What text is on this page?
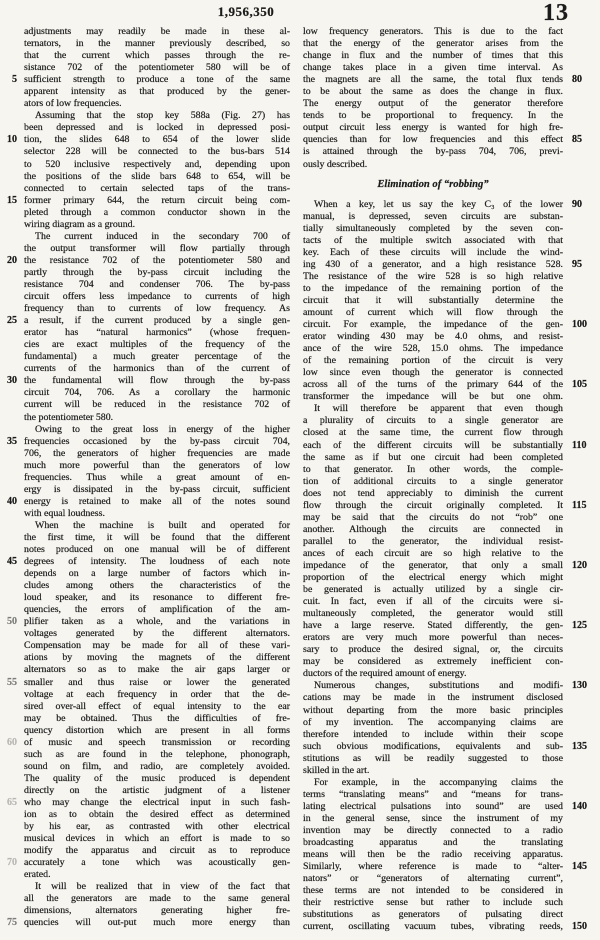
1,956,350	13
adjustments may readily be made in these al-
ternators, in the manner previously described, so
that the current which passes through the re-
sistance 702 of the potentiometer 580 will be of
5 sufficient strength to produce a tone of the same
apparent intensity as that produced by the gener-
ators of low frequencies.
Assuming that the stop key 588a (Fig. 27) has
been depressed and is locked in depressed posi-
10 tion, the slides 648 to 654 of the lower slide
selector 228 will be connected to the bus-bars 514
to 520 inclusive respectively and, depending upon
the positions of the slide bars 648 to 654, will be
connected to certain selected taps of the trans-
15 former primary 644, the return circuit being com-
pleted through a common conductor shown in the
wiring diagram as a ground.
The current induced in the secondary 700 of
the output transformer will flow partially through
20 the resistance 702 of the potentiometer 580 and
partly through the by-pass circuit including the
resistance 704 and condenser 706. The by-pass
circuit offers less impedance to currents of high
frequency than to currents of low frequency. As
25 a result, if the current produced by a single gen-
erator has “natural harmonics” (whose frequen-
cies are exact multiples of the frequency of the
fundamental) a much greater percentage of the
currents of the harmonics than of the current of
30 the fundamental will flow through the by-pass
circuit 704, 706. As a corollary the harmonic
current will be reduced in the resistance 702 of
the potentiometer 580.
Owing to the great loss in energy of the higher
35 frequencies occasioned by the by-pass circuit 704,
706, the generators of higher frequencies are made
much more powerful than the generators of low
frequencies. Thus while a great amount of en-
ergy is dissipated in the by-pass circuit, sufficient
40 energy is retained to make all of the notes sound
with equal loudness.
When the machine is built and operated for
the first time, it will be found that the different
notes produced on one manual will be of different
45 degrees of intensity. The loudness of each note
depends on a large number of factors which in-
cludes among others the characteristics of the
loud speaker, and its resonance to different fre-
quencies, the errors of amplification of the am-
50 plifier taken as a whole, and the variations in
voltages generated by the different alternators.
Compensation may be made for all of these vari-
ations by moving the magnets of the different
alternators so as to make the air gaps larger or
55 smaller and thus raise or lower the generated
voltage at each frequency in order that the de-
sired over-all effect of equal intensity to the ear
may be obtained. Thus the difficulties of fre-
quency distortion which are present in all forms
60 of music and speech transmission or recording
such as are found in the telephone, phonograph,
sound on film, and radio, are completely avoided.
The quality of the music produced is dependent
directly on the artistic judgment of a listener
65 who may change the electrical input in such fash-
ion as to obtain the desired effect as determined
by his ear, as contrasted with other electrical
musical devices in which an effort is made to so
modify the apparatus and circuit as to reproduce
70 accurately a tone which was acoustically gen-
erated.
It will be realized that in view of the fact that
all the generators are made to the same general
dimensions, alternators generating higher fre-
75 quencies will out-put much more energy than
low frequency generators. This is due to the fact
that the energy of the generator arises from the
change in flux and the number of times that this
change takes place in a given time interval. As
80
the magnets are all the same, the total flux tends
to be about the same as does the change in flux.
The energy output of the generator therefore
tends to be proportional to frequency. In the
output circuit less energy is wanted for high fre-
85
quencies than for low frequencies and this effect
is attained through the by-pass 704, 706, previ-
ously described.
Elimination of “robbing”
90
When a key, let us say the key C₃ of the lower
manual, is depressed, seven circuits are substan-
tially simultaneously completed by the seven con-
tacts of the multiple switch associated with that
key. Each of these circuits will include the wind-
95
ing 430 of a generator, and a high resistance 528.
The resistance of the wire 528 is so high relative
to the impedance of the remaining portion of the
circuit that it will substantially determine the
amount of current which will flow through the
100
circuit. For example, the impedance of the gen-
erator winding 430 may be 4.0 ohms, and resist-
ance of the wire 528, 15.0 ohms. The impedance
of the remaining portion of the circuit is very
low since even though the generator is connected
105
across all of the turns of the primary 644 of the
transformer the impedance will be but one ohm.
It will therefore be apparent that even though
a plurality of circuits to a single generator are
closed at the same time, the current flow through
110
each of the different circuits will be substantially
the same as if but one circuit had been completed
to that generator. In other words, the comple-
tion of additional circuits to a single generator
does not tend appreciably to diminish the current
115
flow through the circuit originally completed. It
may be said that the circuits do not “rob” one
another. Although the circuits are connected in
parallel to the generator, the individual resist-
ances of each circuit are so high relative to the
120
impedance of the generator, that only a small
proportion of the electrical energy which might
be generated is actually utilized by a single cir-
cuit. In fact, even if all of the circuits were si-
multaneously completed, the generator would still
125
have a large reserve. Stated differently, the gen-
erators are very much more powerful than neces-
sary to produce the desired signal, or, the circuits
may be considered as extremely inefficient con-
ductors of the required amount of energy.
130
Numerous changes, substitutions and modifi-
cations may be made in the instrument disclosed
without departing from the more basic principles
of my invention. The accompanying claims are
therefore intended to include within their scope
135
such obvious modifications, equivalents and sub-
stitutions as will be readily suggested to those
skilled in the art.
For example, in the accompanying claims the
terms “translating means” and “means for trans-
140
lating electrical pulsations into sound” are used
in the general sense, since the instrument of my
invention may be directly connected to a radio
broadcasting apparatus and the translating
means will then be the radio receiving apparatus.
145
Similarly, where reference is made to “alter-
nators” or “generators of alternating current”,
these terms are not intended to be considered in
their restrictive sense but rather to include such
substitutions as generators of pulsating direct
150
current, oscillating vacuum tubes, vibrating reeds,
